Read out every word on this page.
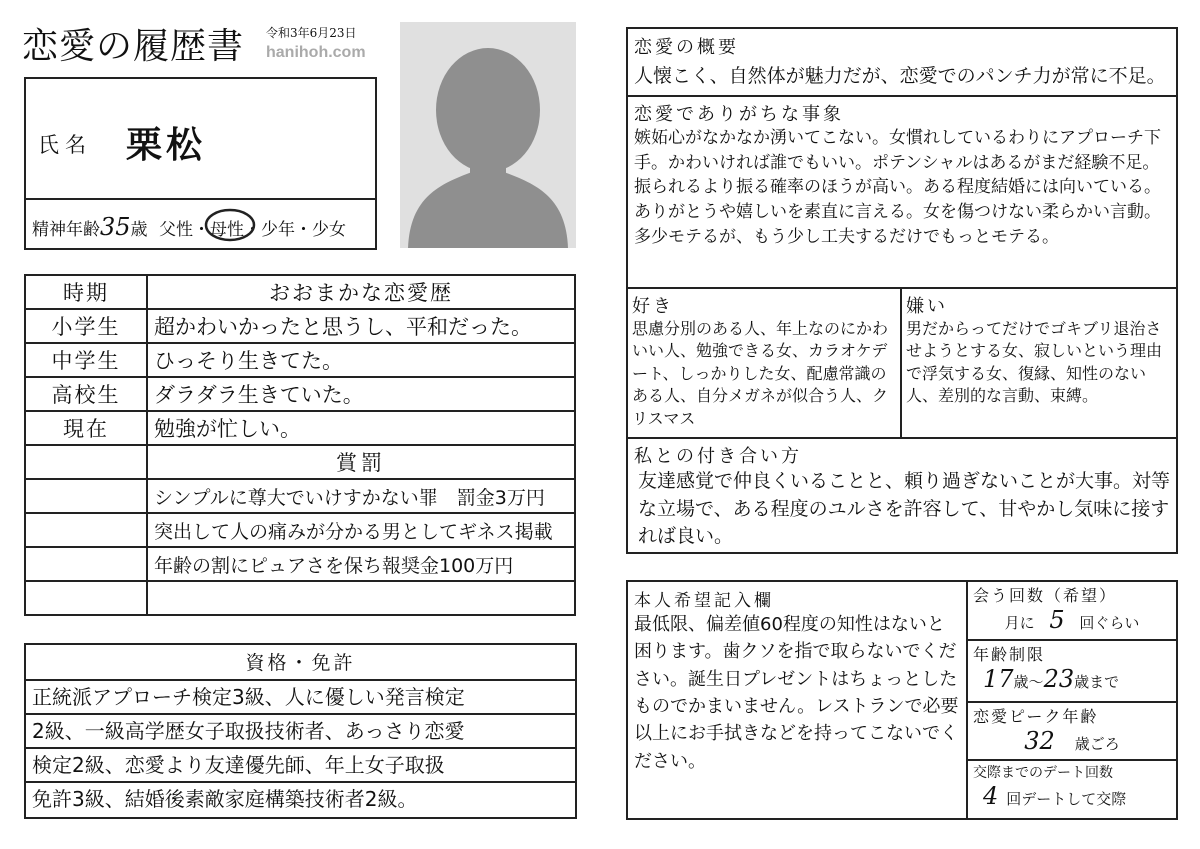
恋愛の履歴書 令和3年6月23日
hanihoh.com
氏名 栗松
精神年齢35歳 父性・母性
・少年・少女
時期	おおまかな恋愛歴
小学生	超かわいかったと思うし、平和だった。
中学生	ひっそり生きてた。
高校生	ダラダラ生きていた。
現在	勉強が忙しい。
	賞罰
	シンプルに尊大でいけすかない罪　罰金3万円
	突出して人の痛みが分かる男としてギネス掲載
	年齢の割にピュアさを保ち報奨金100万円

資格・免許
正統派アプローチ検定3級、人に優しい発言検定
2級、一級高学歴女子取扱技術者、あっさり恋愛
検定2級、恋愛より友達優先師、年上女子取扱
免許3級、結婚後素敵家庭構築技術者2級。
恋愛の概要
人懐こく、自然体が魅力だが、恋愛でのパンチ力が常に不足。
恋愛でありがちな事象
嫉妬心がなかなか湧いてこない。女慣れしているわりにアプローチ下手。かわいければ誰でもいい。ポテンシャルはあるがまだ経験不足。振られるより振る確率のほうが高い。ある程度結婚には向いている。ありがとうや嬉しいを素直に言える。女を傷つけない柔らかい言動。多少モテるが、もう少し工夫するだけでもっとモテる。
好き
思慮分別のある人、年上なのにかわいい人、勉強できる女、カラオケデート、しっかりした女、配慮常識のある人、自分メガネが似合う人、クリスマス
嫌い
男だからってだけでゴキブリ退治させようとする女、寂しいという理由で浮気する女、復縁、知性のない人、差別的な言動、束縛。
私との付き合い方
友達感覚で仲良くいることと、頼り過ぎないことが大事。対等な立場で、ある程度のユルさを許容して、甘やかし気味に接すれば良い。
本人希望記入欄
最低限、偏差値60程度の知性はないと困ります。歯クソを指で取らないでください。誕生日プレゼントはちょっとしたものでかまいません。レストランで必要以上にお手拭きなどを持ってこないでください。
会う回数（希望）
月に 5 回ぐらい
年齢制限
17歳～23歳まで
恋愛ピーク年齢
32 歳ごろ
交際までのデート回数
4 回デートして交際
